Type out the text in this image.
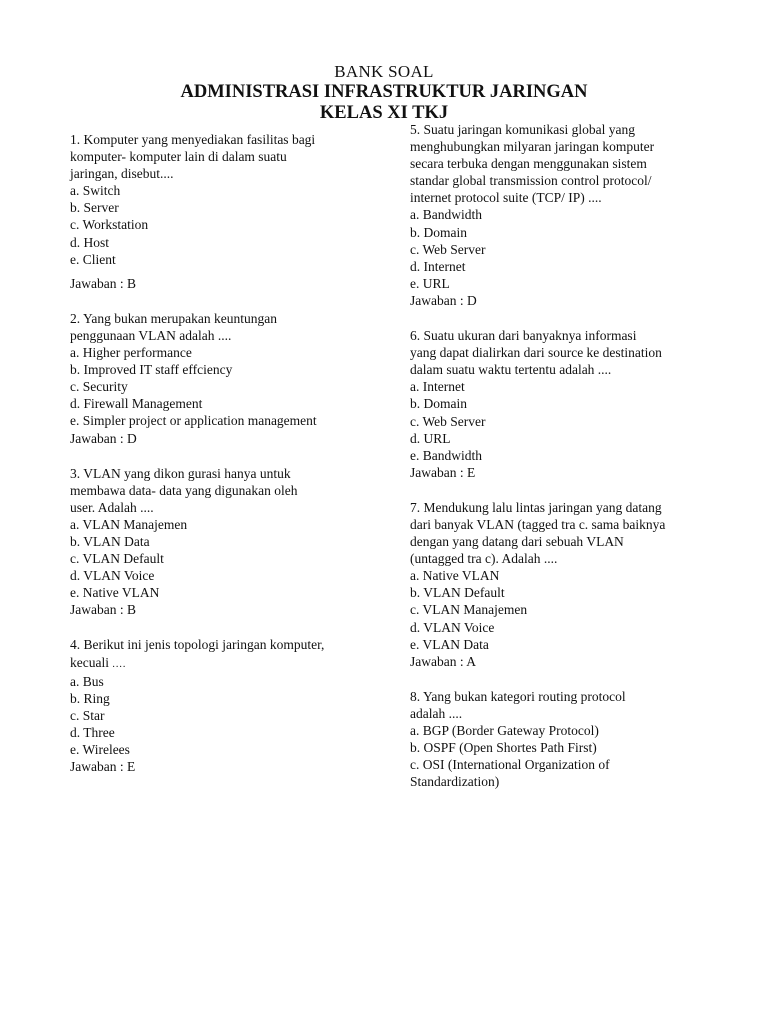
BANK SOAL
ADMINISTRASI INFRASTRUKTUR JARINGAN
KELAS XI TKJ
1. Komputer yang menyediakan fasilitas bagi
komputer- komputer lain di dalam suatu
jaringan, disebut....
a. Switch
b. Server
c. Workstation
d. Host
e. Client
Jawaban : B
2. Yang bukan merupakan keuntungan
penggunaan VLAN adalah ....
a. Higher performance
b. Improved IT staff effciency
c. Security
d. Firewall Management
e. Simpler project or application management
Jawaban : D
3. VLAN yang dikon gurasi hanya untuk
membawa data- data yang digunakan oleh
user. Adalah ....
a. VLAN Manajemen
b. VLAN Data
c. VLAN Default
d. VLAN Voice
e. Native VLAN
Jawaban : B
4. Berikut ini jenis topologi jaringan komputer,
kecuali ....
a. Bus
b. Ring
c. Star
d. Three
e. Wirelees
Jawaban : E
5. Suatu jaringan komunikasi global yang
menghubungkan milyaran jaringan komputer
secara terbuka dengan menggunakan sistem
standar global transmission control protocol/
internet protocol suite (TCP/ IP) ....
a. Bandwidth
b. Domain
c. Web Server
d. Internet
e. URL
Jawaban : D
6. Suatu ukuran dari banyaknya informasi
yang dapat dialirkan dari source ke destination
dalam suatu waktu tertentu adalah ....
a. Internet
b. Domain
c. Web Server
d. URL
e. Bandwidth
Jawaban : E
7. Mendukung lalu lintas jaringan yang datang
dari banyak VLAN (tagged tra c. sama baiknya
dengan yang datang dari sebuah VLAN
(untagged tra c). Adalah ....
a. Native VLAN
b. VLAN Default
c. VLAN Manajemen
d. VLAN Voice
e. VLAN Data
Jawaban : A
8. Yang bukan kategori routing protocol
adalah ....
a. BGP (Border Gateway Protocol)
b. OSPF (Open Shortes Path First)
c. OSI (International Organization of
Standardization)
